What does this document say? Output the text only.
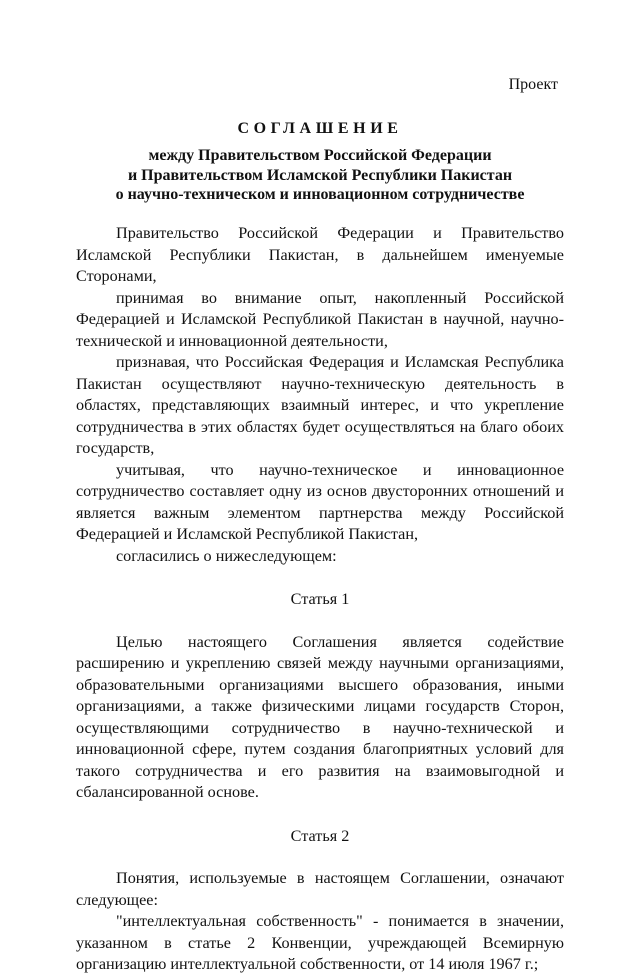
Проект
СОГЛАШЕНИЕ
между Правительством Российской Федерации
и Правительством Исламской Республики Пакистан
о научно-техническом и инновационном сотрудничестве

Правительство Российской Федерации и Правительство Исламской Республики Пакистан, в дальнейшем именуемые Сторонами,

принимая во внимание опыт, накопленный Российской Федерацией и Исламской Республикой Пакистан в научной, научно-технической и инновационной деятельности,

признавая, что Российская Федерация и Исламская Республика Пакистан осуществляют научно-техническую деятельность в областях, представляющих взаимный интерес, и что укрепление сотрудничества в этих областях будет осуществляться на благо обоих государств,

учитывая, что научно-техническое и инновационное сотрудничество составляет одну из основ двусторонних отношений и является важным элементом партнерства между Российской Федерацией и Исламской Республикой Пакистан,

согласились о нижеследующем:

Статья 1

Целью настоящего Соглашения является содействие расширению и укреплению связей между научными организациями, образовательными организациями высшего образования, иными организациями, а также физическими лицами государств Сторон, осуществляющими сотрудничество в научно-технической и инновационной сфере, путем создания благоприятных условий для такого сотрудничества и его развития на взаимовыгодной и сбалансированной основе.

Статья 2

Понятия, используемые в настоящем Соглашении, означают следующее:

"интеллектуальная собственность" - понимается в значении, указанном в статье 2 Конвенции, учреждающей Всемирную организацию интеллектуальной собственности, от 14 июля 1967 г.;
